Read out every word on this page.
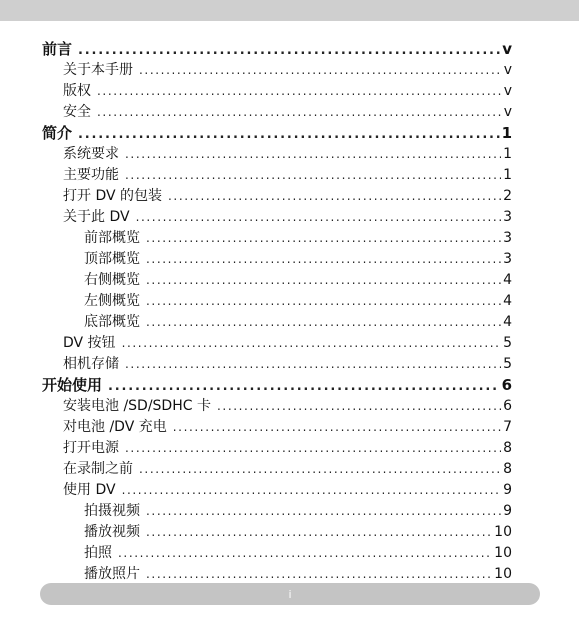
前言 .....	v
关于本手册 .....	v
版权 .....	v
安全 .....	v
简介 .....	1
系统要求 .....	1
主要功能 .....	1
打开 DV 的包装 .....	2
关于此 DV .....	3
前部概览 .....	3
顶部概览 .....	3
右侧概览 .....	4
左侧概览 .....	4
底部概览 .....	4
DV 按钮 .....	5
相机存储 .....	5
开始使用 .....	6
安装电池 /SD/SDHC 卡 .....	6
对电池 /DV 充电 .....	7
打开电源 .....	8
在录制之前 .....	8
使用 DV .....	9
拍摄视频 .....	9
播放视频 .....	10
拍照 .....	10
播放照片 .....	10
i
